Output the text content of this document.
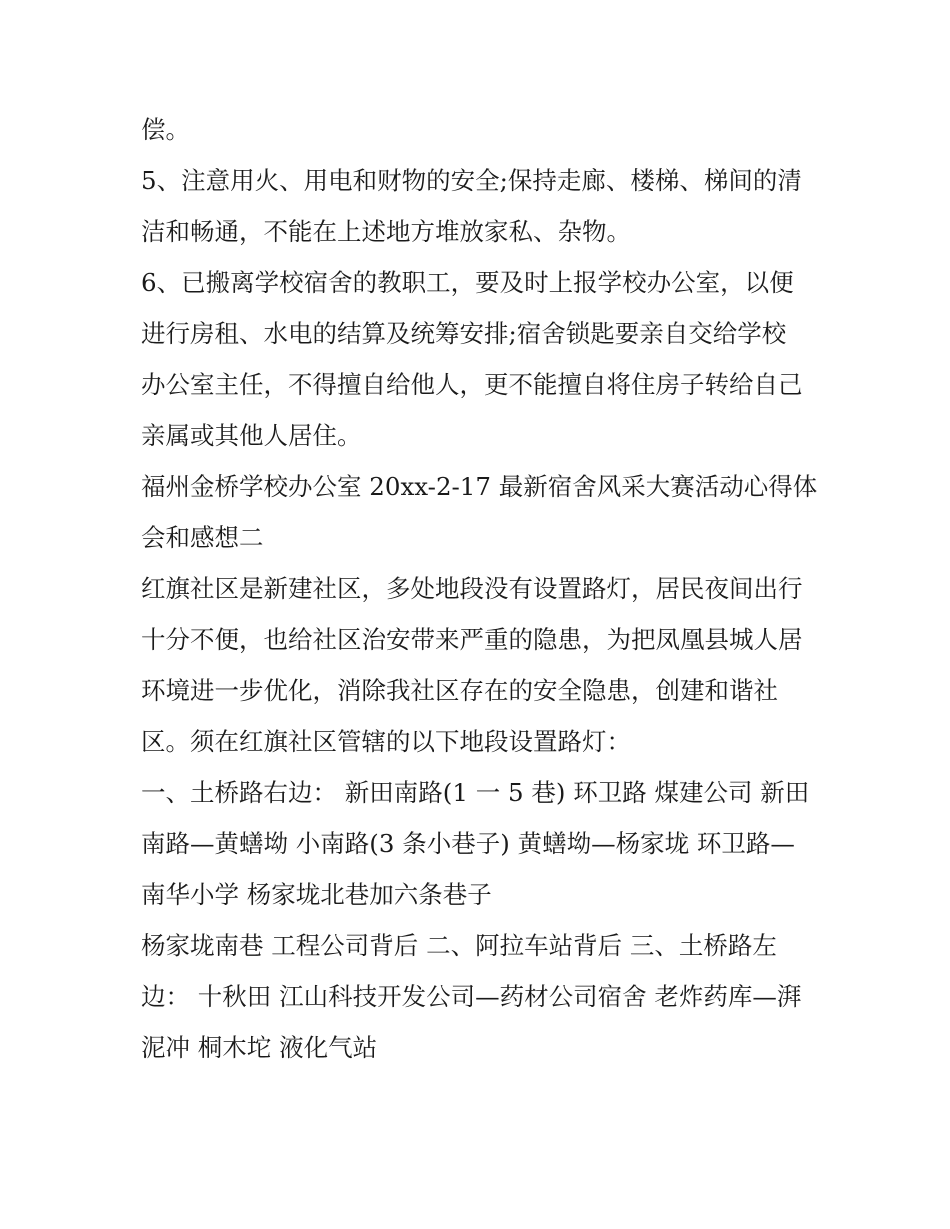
偿。

5、注意用火、用电和财物的安全;保持走廊、楼梯、梯间的清
洁和畅通，不能在上述地方堆放家私、杂物。

6、已搬离学校宿舍的教职工，要及时上报学校办公室，以便
进行房租、水电的结算及统筹安排;宿舍锁匙要亲自交给学校
办公室主任，不得擅自给他人，更不能擅自将住房子转给自己
亲属或其他人居住。

福州金桥学校办公室 20xx-2-17 最新宿舍风采大赛活动心得体
会和感想二

红旗社区是新建社区，多处地段没有设置路灯，居民夜间出行
十分不便，也给社区治安带来严重的隐患，为把凤凰县城人居
环境进一步优化，消除我社区存在的安全隐患，创建和谐社
区。须在红旗社区管辖的以下地段设置路灯：

一、土桥路右边： 新田南路(1 一 5 巷) 环卫路 煤建公司 新田
南路—黄蟮坳 小南路(3 条小巷子) 黄蟮坳—杨家垅 环卫路—
南华小学 杨家垅北巷加六条巷子

杨家垅南巷 工程公司背后 二、阿拉车站背后 三、土桥路左
边： 十秋田 江山科技开发公司—药材公司宿舍 老炸药库—湃
泥冲 桐木坨 液化气站
